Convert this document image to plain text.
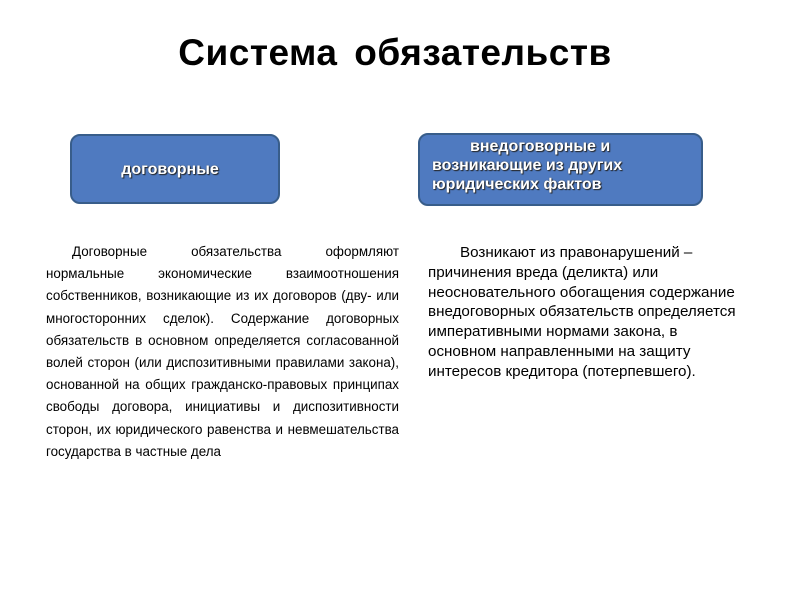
Система обязательств
договорные
внедоговорные и
возникающие из других
юридических фактов

Договорные обязательства оформляют нормальные экономические взаимоотношения собственников, возникающие из их договоров (дву- или многосторонних сделок). Содержание договорных обязательств в основном определяется согласованной волей сторон (или диспозитивными правилами закона), основанной на общих гражданско-правовых принципах свободы договора, инициативы и диспозитивности сторон, их юридического равенства и невмешательства государства в частные дела

Возникают из правонарушений – причинения вреда (деликта) или неосновательного обогащения содержание внедоговорных обязательств определяется императивными нормами закона, в основном направленными на защиту интересов кредитора (потерпевшего).
